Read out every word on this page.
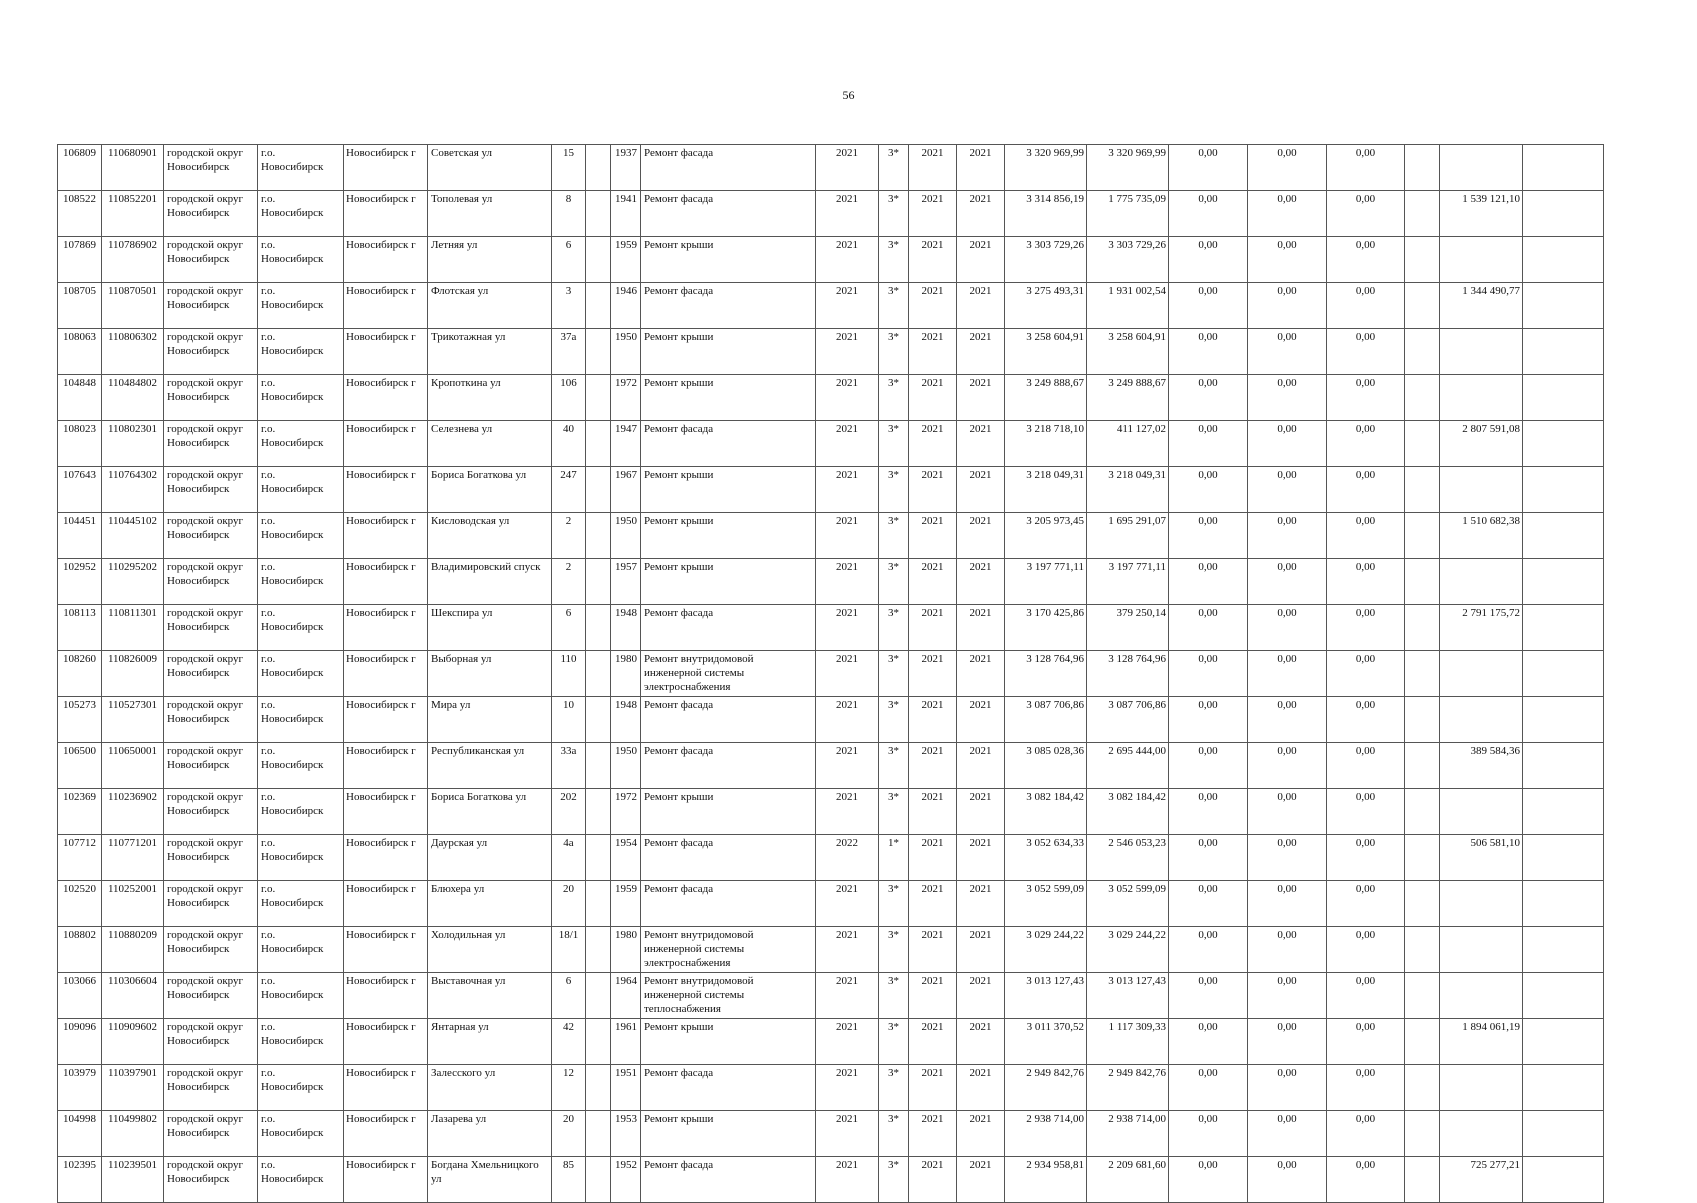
56
106809	110680901	городской округ Новосибирск	г.о. Новосибирск	Новосибирск г	Советская ул	15		1937	Ремонт фасада	2021	3*	2021	2021	3 320 969,99	3 320 969,99	0,00	0,00	0,00			
108522	110852201	городской округ Новосибирск	г.о. Новосибирск	Новосибирск г	Тополевая ул	8		1941	Ремонт фасада	2021	3*	2021	2021	3 314 856,19	1 775 735,09	0,00	0,00	0,00		1 539 121,10	
107869	110786902	городской округ Новосибирск	г.о. Новосибирск	Новосибирск г	Летняя ул	6		1959	Ремонт крыши	2021	3*	2021	2021	3 303 729,26	3 303 729,26	0,00	0,00	0,00			
108705	110870501	городской округ Новосибирск	г.о. Новосибирск	Новосибирск г	Флотская ул	3		1946	Ремонт фасада	2021	3*	2021	2021	3 275 493,31	1 931 002,54	0,00	0,00	0,00		1 344 490,77	
108063	110806302	городской округ Новосибирск	г.о. Новосибирск	Новосибирск г	Трикотажная ул	37а		1950	Ремонт крыши	2021	3*	2021	2021	3 258 604,91	3 258 604,91	0,00	0,00	0,00			
104848	110484802	городской округ Новосибирск	г.о. Новосибирск	Новосибирск г	Кропоткина ул	106		1972	Ремонт крыши	2021	3*	2021	2021	3 249 888,67	3 249 888,67	0,00	0,00	0,00			
108023	110802301	городской округ Новосибирск	г.о. Новосибирск	Новосибирск г	Селезнева ул	40		1947	Ремонт фасада	2021	3*	2021	2021	3 218 718,10	411 127,02	0,00	0,00	0,00		2 807 591,08	
107643	110764302	городской округ Новосибирск	г.о. Новосибирск	Новосибирск г	Бориса Богаткова ул	247		1967	Ремонт крыши	2021	3*	2021	2021	3 218 049,31	3 218 049,31	0,00	0,00	0,00			
104451	110445102	городской округ Новосибирск	г.о. Новосибирск	Новосибирск г	Кисловодская ул	2		1950	Ремонт крыши	2021	3*	2021	2021	3 205 973,45	1 695 291,07	0,00	0,00	0,00		1 510 682,38	
102952	110295202	городской округ Новосибирск	г.о. Новосибирск	Новосибирск г	Владимировский спуск	2		1957	Ремонт крыши	2021	3*	2021	2021	3 197 771,11	3 197 771,11	0,00	0,00	0,00			
108113	110811301	городской округ Новосибирск	г.о. Новосибирск	Новосибирск г	Шекспира ул	6		1948	Ремонт фасада	2021	3*	2021	2021	3 170 425,86	379 250,14	0,00	0,00	0,00		2 791 175,72	
108260	110826009	городской округ Новосибирск	г.о. Новосибирск	Новосибирск г	Выборная ул	110		1980	Ремонт внутридомовой инженерной системы электроснабжения	2021	3*	2021	2021	3 128 764,96	3 128 764,96	0,00	0,00	0,00			
105273	110527301	городской округ Новосибирск	г.о. Новосибирск	Новосибирск г	Мира ул	10		1948	Ремонт фасада	2021	3*	2021	2021	3 087 706,86	3 087 706,86	0,00	0,00	0,00			
106500	110650001	городской округ Новосибирск	г.о. Новосибирск	Новосибирск г	Республиканская ул	33а		1950	Ремонт фасада	2021	3*	2021	2021	3 085 028,36	2 695 444,00	0,00	0,00	0,00		389 584,36	
102369	110236902	городской округ Новосибирск	г.о. Новосибирск	Новосибирск г	Бориса Богаткова ул	202		1972	Ремонт крыши	2021	3*	2021	2021	3 082 184,42	3 082 184,42	0,00	0,00	0,00			
107712	110771201	городской округ Новосибирск	г.о. Новосибирск	Новосибирск г	Даурская ул	4а		1954	Ремонт фасада	2022	1*	2021	2021	3 052 634,33	2 546 053,23	0,00	0,00	0,00		506 581,10	
102520	110252001	городской округ Новосибирск	г.о. Новосибирск	Новосибирск г	Блюхера ул	20		1959	Ремонт фасада	2021	3*	2021	2021	3 052 599,09	3 052 599,09	0,00	0,00	0,00			
108802	110880209	городской округ Новосибирск	г.о. Новосибирск	Новосибирск г	Холодильная ул	18/1		1980	Ремонт внутридомовой инженерной системы электроснабжения	2021	3*	2021	2021	3 029 244,22	3 029 244,22	0,00	0,00	0,00			
103066	110306604	городской округ Новосибирск	г.о. Новосибирск	Новосибирск г	Выставочная ул	6		1964	Ремонт внутридомовой инженерной системы теплоснабжения	2021	3*	2021	2021	3 013 127,43	3 013 127,43	0,00	0,00	0,00			
109096	110909602	городской округ Новосибирск	г.о. Новосибирск	Новосибирск г	Янтарная ул	42		1961	Ремонт крыши	2021	3*	2021	2021	3 011 370,52	1 117 309,33	0,00	0,00	0,00		1 894 061,19	
103979	110397901	городской округ Новосибирск	г.о. Новосибирск	Новосибирск г	Залесского ул	12		1951	Ремонт фасада	2021	3*	2021	2021	2 949 842,76	2 949 842,76	0,00	0,00	0,00			
104998	110499802	городской округ Новосибирск	г.о. Новосибирск	Новосибирск г	Лазарева ул	20		1953	Ремонт крыши	2021	3*	2021	2021	2 938 714,00	2 938 714,00	0,00	0,00	0,00			
102395	110239501	городской округ Новосибирск	г.о. Новосибирск	Новосибирск г	Богдана Хмельницкого ул	85		1952	Ремонт фасада	2021	3*	2021	2021	2 934 958,81	2 209 681,60	0,00	0,00	0,00		725 277,21	
